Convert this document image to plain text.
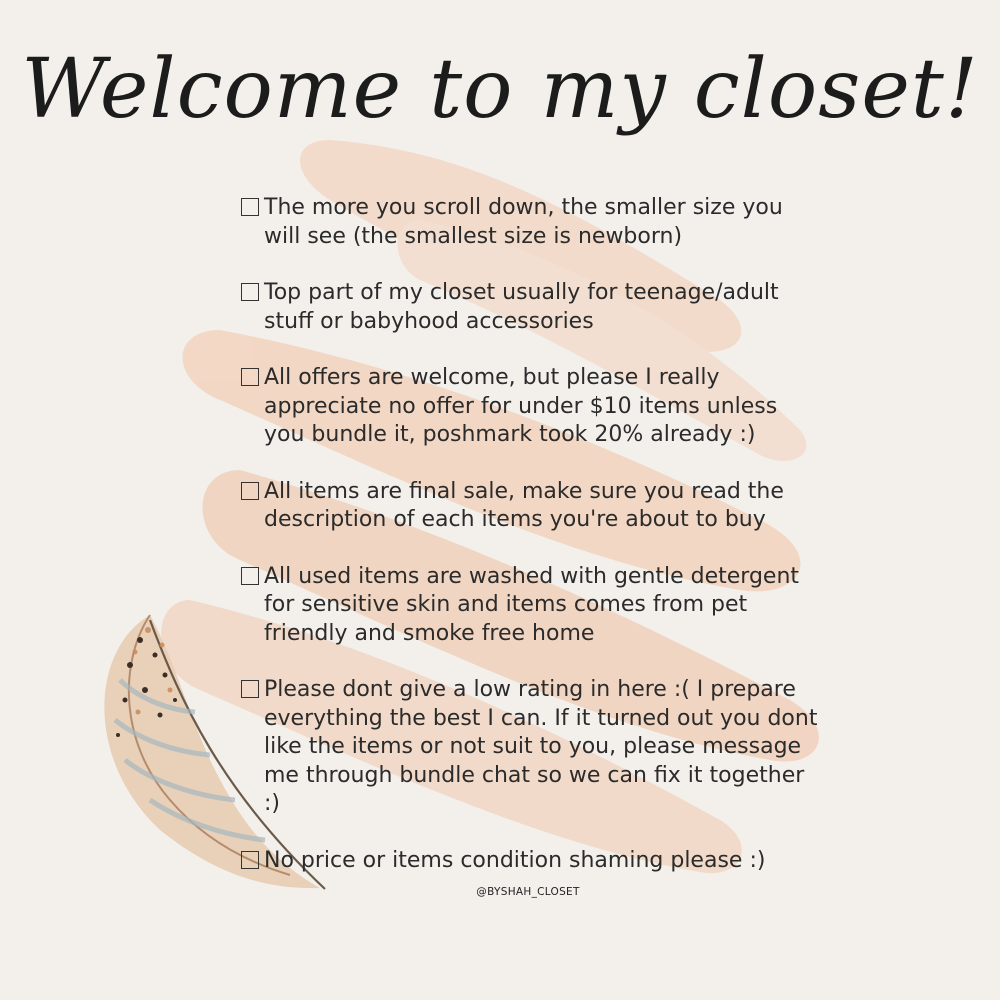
Welcome to my closet!
The more you scroll down, the smaller size you will see (the smallest size is newborn)
Top part of my closet usually for teenage/adult stuff or babyhood accessories
All offers are welcome, but please I really appreciate no offer for under $10 items unless you bundle it, poshmark took 20% already :)
All items are final sale, make sure you read the description of each items you're about to buy
All used items are washed with gentle detergent for sensitive skin and items comes from pet friendly and smoke free home
Please dont give a low rating in here :( I prepare everything the best I can. If it turned out you dont like the items or not suit to you, please message me through bundle chat so we can fix it together :)
No price or items condition shaming please :)
@BYSHAH_CLOSET
